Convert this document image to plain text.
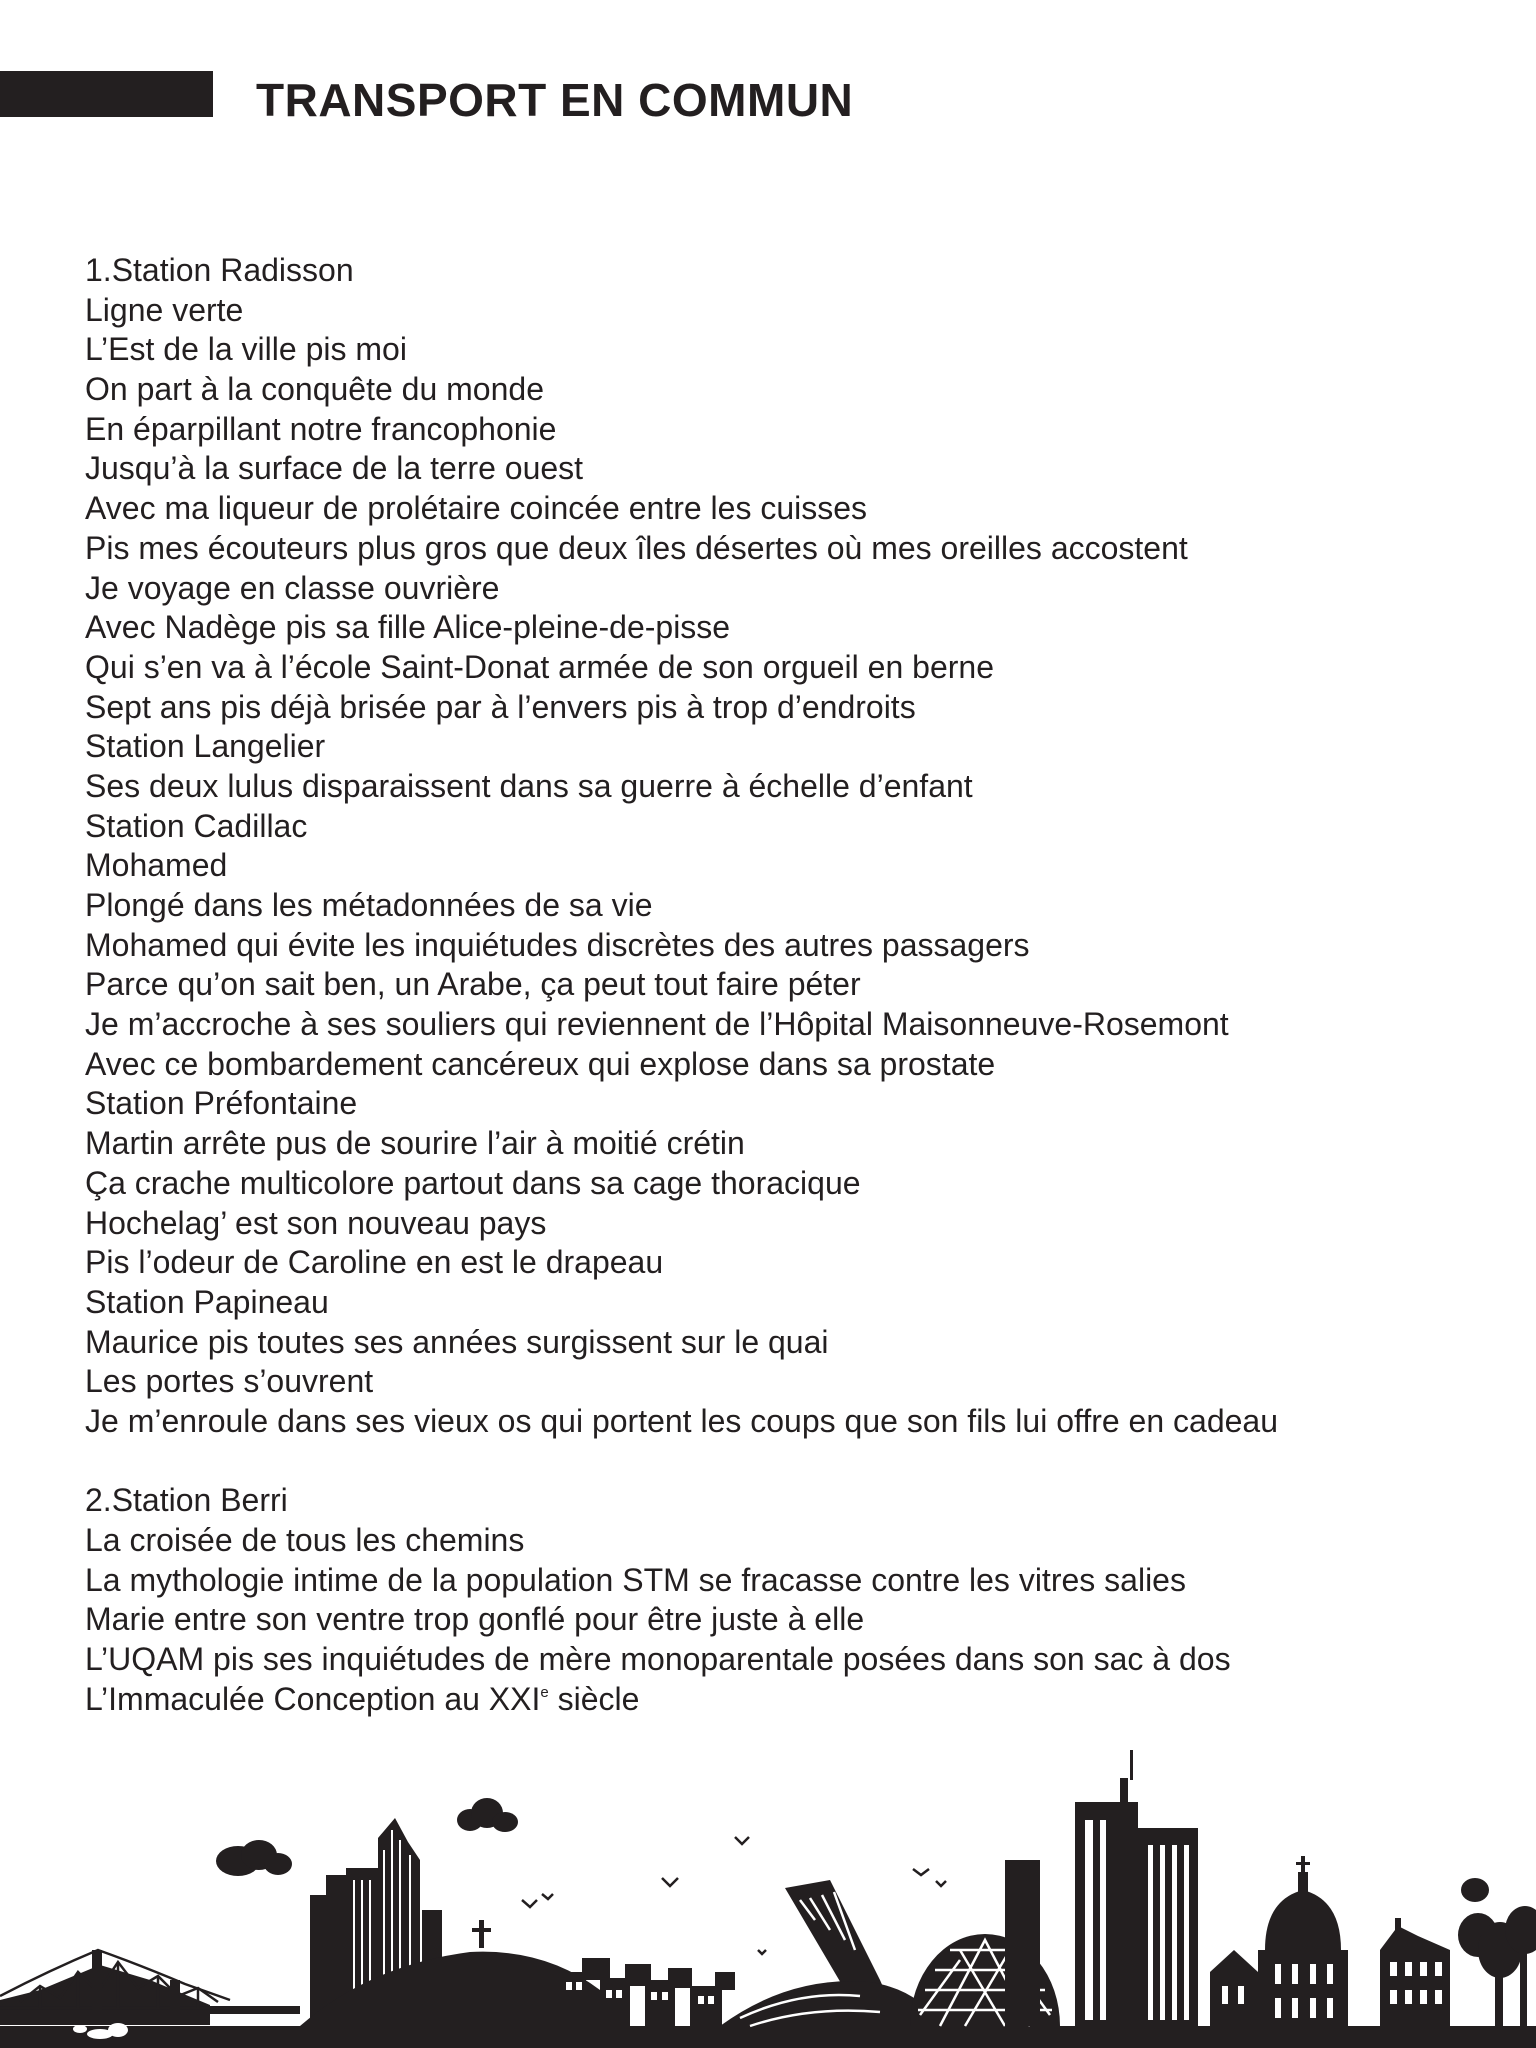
TRANSPORT EN COMMUN
1.Station Radisson
Ligne verte
L’Est de la ville pis moi
On part à la conquête du monde
En éparpillant notre francophonie
Jusqu’à la surface de la terre ouest
Avec ma liqueur de prolétaire coincée entre les cuisses
Pis mes écouteurs plus gros que deux îles désertes où mes oreilles accostent
Je voyage en classe ouvrière
Avec Nadège pis sa fille Alice-pleine-de-pisse
Qui s’en va à l’école Saint-Donat armée de son orgueil en berne
Sept ans pis déjà brisée par à l’envers pis à trop d’endroits
Station Langelier
Ses deux lulus disparaissent dans sa guerre à échelle d’enfant
Station Cadillac
Mohamed
Plongé dans les métadonnées de sa vie
Mohamed qui évite les inquiétudes discrètes des autres passagers
Parce qu’on sait ben, un Arabe, ça peut tout faire péter
Je m’accroche à ses souliers qui reviennent de l’Hôpital Maisonneuve-Rosemont
Avec ce bombardement cancéreux qui explose dans sa prostate
Station Préfontaine
Martin arrête pus de sourire l’air à moitié crétin
Ça crache multicolore partout dans sa cage thoracique
Hochelag’ est son nouveau pays
Pis l’odeur de Caroline en est le drapeau
Station Papineau
Maurice pis toutes ses années surgissent sur le quai
Les portes s’ouvrent
Je m’enroule dans ses vieux os qui portent les coups que son fils lui offre en cadeau
2.Station Berri
La croisée de tous les chemins
La mythologie intime de la population STM se fracasse contre les vitres salies
Marie entre son ventre trop gonflé pour être juste à elle
L’UQAM pis ses inquiétudes de mère monoparentale posées dans son sac à dos
L’Immaculée Conception au XXIe siècle
